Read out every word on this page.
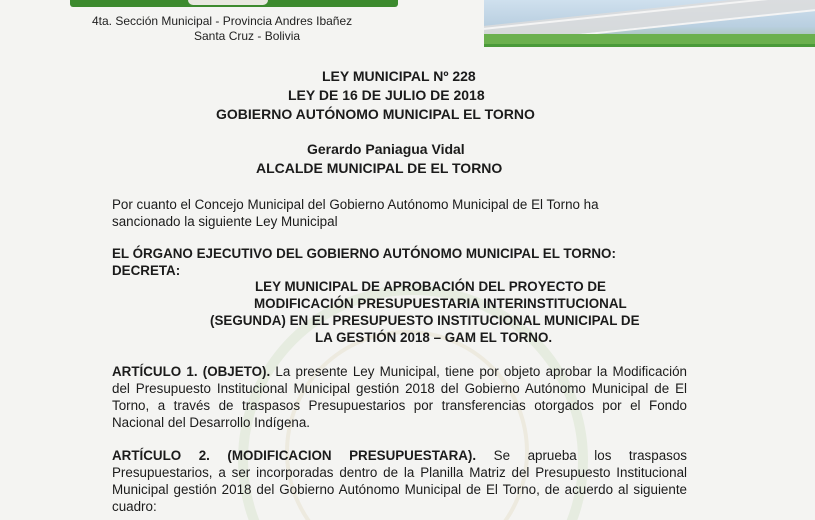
4ta. Sección Municipal - Provincia Andres Ibañez
Santa Cruz - Bolivia
LEY MUNICIPAL Nº 228
LEY DE 16 DE JULIO DE 2018
GOBIERNO AUTÓNOMO MUNICIPAL EL TORNO
Gerardo Paniagua Vidal
ALCALDE MUNICIPAL DE EL TORNO
Por cuanto el Concejo Municipal del Gobierno Autónomo Municipal de El Torno ha
sancionado la siguiente Ley Municipal
EL ÓRGANO EJECUTIVO DEL GOBIERNO AUTÓNOMO MUNICIPAL EL TORNO:
DECRETA:
LEY MUNICIPAL DE APROBACIÓN DEL PROYECTO DE
MODIFICACIÓN PRESUPUESTARIA INTERINSTITUCIONAL
(SEGUNDA) EN EL PRESUPUESTO INSTITUCIONAL MUNICIPAL DE
LA GESTIÓN 2018 – GAM EL TORNO.
ARTÍCULO 1. (OBJETO). La presente Ley Municipal, tiene por objeto aprobar la Modificación del Presupuesto Institucional Municipal gestión 2018 del Gobierno Autónomo Municipal de El Torno, a través de traspasos Presupuestarios por transferencias otorgados por el Fondo Nacional del Desarrollo Indígena.
ARTÍCULO 2. (MODIFICACION PRESUPUESTARA). Se aprueba los traspasos Presupuestarios, a ser incorporadas dentro de la Planilla Matriz del Presupuesto Institucional Municipal gestión 2018 del Gobierno Autónomo Municipal de El Torno, de acuerdo al siguiente cuadro:
